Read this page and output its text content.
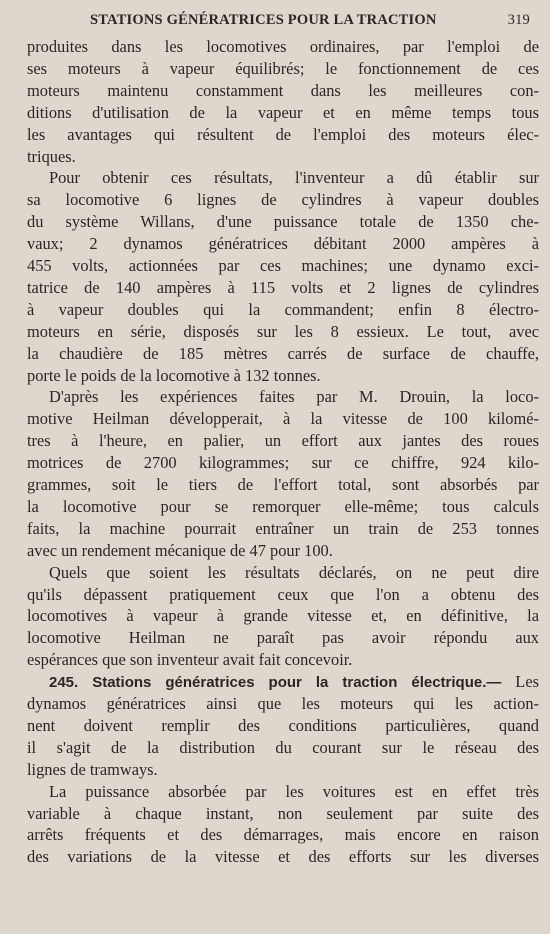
STATIONS GÉNÉRATRICES POUR LA TRACTION	319
produites dans les locomotives ordinaires, par l'emploi de
ses moteurs à vapeur équilibrés; le fonctionnement de ces
moteurs maintenu constamment dans les meilleures con-
ditions d'utilisation de la vapeur et en même temps tous
les avantages qui résultent de l'emploi des moteurs élec-
triques.
Pour obtenir ces résultats, l'inventeur a dû établir sur
sa locomotive 6 lignes de cylindres à vapeur doubles
du système Willans, d'une puissance totale de 1350 che-
vaux; 2 dynamos génératrices débitant 2000 ampères à
455 volts, actionnées par ces machines; une dynamo exci-
tatrice de 140 ampères à 115 volts et 2 lignes de cylindres
à vapeur doubles qui la commandent; enfin 8 électro-
moteurs en série, disposés sur les 8 essieux. Le tout, avec
la chaudière de 185 mètres carrés de surface de chauffe,
porte le poids de la locomotive à 132 tonnes.
D'après les expériences faites par M. Drouin, la loco-
motive Heilman développerait, à la vitesse de 100 kilomé-
tres à l'heure, en palier, un effort aux jantes des roues
motrices de 2700 kilogrammes; sur ce chiffre, 924 kilo-
grammes, soit le tiers de l'effort total, sont absorbés par
la locomotive pour se remorquer elle-même; tous calculs
faits, la machine pourrait entraîner un train de 253 tonnes
avec un rendement mécanique de 47 pour 100.
Quels que soient les résultats déclarés, on ne peut dire
qu'ils dépassent pratiquement ceux que l'on a obtenu des
locomotives à vapeur à grande vitesse et, en définitive, la
locomotive Heilman ne paraît pas avoir répondu aux
espérances que son inventeur avait fait concevoir.
245. Stations génératrices pour la traction électrique.— Les
dynamos génératrices ainsi que les moteurs qui les action-
nent doivent remplir des conditions particulières, quand
il s'agit de la distribution du courant sur le réseau des
lignes de tramways.
La puissance absorbée par les voitures est en effet très
variable à chaque instant, non seulement par suite des
arrêts fréquents et des démarrages, mais encore en raison
des variations de la vitesse et des efforts sur les diverses
